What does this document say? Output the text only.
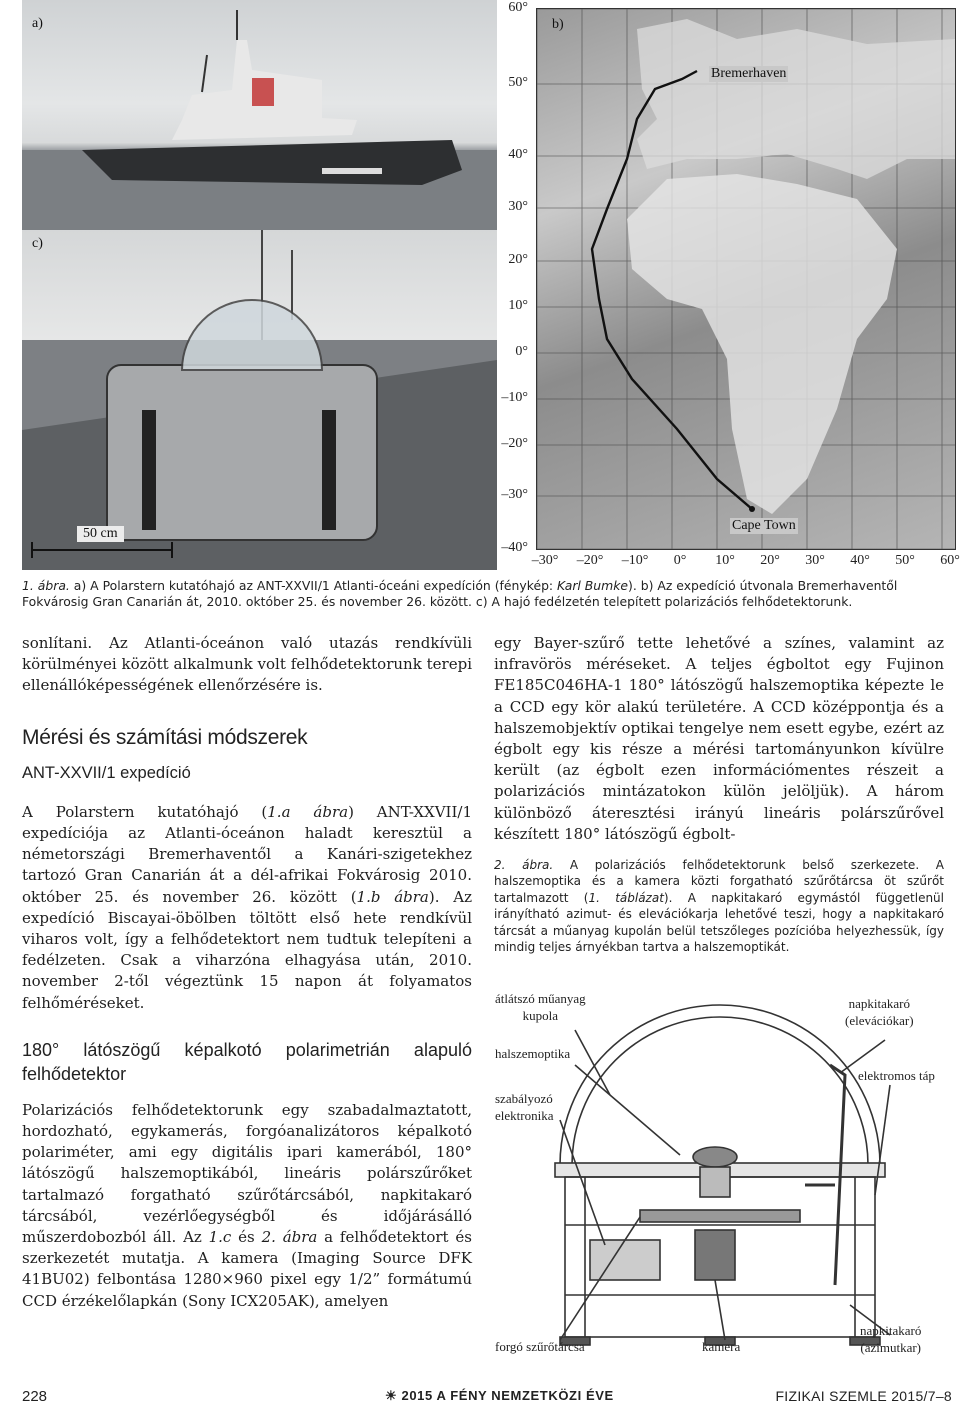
a)
c)
50 cm
b)
Bremerhaven
Cape Town
60°
50°
40°
30°
20°
10°
0°
–10°
–20°
–30°
–40°
–30°	–20°	–10°	0°	10°	20°	30°	40°	50°	60°
1. ábra. a) A Polarstern kutatóhajó az ANT-XXVII/1 Atlanti-óceáni expedíción (fénykép: Karl Bumke). b) Az expedíció útvonala Bremerhaventől Fokvárosig Gran Canarián át, 2010. október 25. és november 26. között. c) A hajó fedélzetén telepített polarizációs felhődetektorunk.

sonlítani. Az Atlanti-óceánon való utazás rendkívüli körülményei között alkalmunk volt felhődetektorunk terepi ellenállóképességének ellenőrzésére is.

Mérési és számítási módszerek
ANT-XXVII/1 expedíció

A Polarstern kutatóhajó (1.a ábra) ANT-XXVII/1 expedíciója az Atlanti-óceánon haladt keresztül a németországi Bremerhaventől a Kanári-szigetekhez tartozó Gran Canarián át a dél-afrikai Fokvárosig 2010. október 25. és november 26. között (1.b ábra). Az expedíció Biscayai-öbölben töltött első hete rendkívül viharos volt, így a felhődetektort nem tudtuk telepíteni a fedélzeten. Csak a viharzóna elhagyása után, 2010. november 2-től végeztünk 15 napon át folyamatos felhőméréseket.

180° látószögű képalkotó polarimetrián alapuló felhődetektor

Polarizációs felhődetektorunk egy szabadalmaztatott, hordozható, egykamerás, forgóanalizátoros képalkotó polariméter, ami egy digitális ipari kamerából, 180° látószögű halszemoptikából, lineáris polárszűrőket tartalmazó forgatható szűrőtárcsából, napkitakaró tárcsából, vezérlőegységből és időjárásálló műszerdobozból áll. Az 1.c és 2. ábra a felhődetektort és szerkezetét mutatja. A kamera (Imaging Source DFK 41BU02) felbontása 1280×960 pixel egy 1/2” formátumú CCD érzékelőlapkán (Sony ICX205AK), amelyen

egy Bayer-szűrő tette lehetővé a színes, valamint az infravörös méréseket. A teljes égboltot egy Fujinon FE185C046HA-1 180° látószögű halszemoptika képezte le a CCD egy kör alakú területére. A CCD középpontja és a halszemobjektív optikai tengelye nem esett egybe, ezért az égbolt egy kis része a mérési tartományunkon kívülre került (az égbolt ezen információmentes részeit a polarizációs mintázatokon külön jelöljük). A három különböző áteresztési irányú lineáris polárszűrővel készített 180° látószögű égbolt-

2. ábra. A polarizációs felhődetektorunk belső szerkezete. A halszemoptika és a kamera közti forgatható szűrőtárcsa öt szűrőt tartalmazott (1. táblázat). A napkitakaró egymástól függetlenül irányítható azimut- és elevációkarja lehetővé teszi, hogy a napkitakaró tárcsát a műanyag kupolán belül tetszőleges pozícióba helyezhessük, így mindig teljes árnyékban tartva a halszemoptikát.
átlátszó műanyag
kupola
halszemoptika
szabályozó
elektronika
napkitakaró
(elevációkar)
elektromos táp
forgó szűrőtárcsa	kamera
napkitakaró
(azimutkar)
228	☀ 2015 A FÉNY NEMZETKÖZI ÉVE	FIZIKAI SZEMLE 2015/7–8
